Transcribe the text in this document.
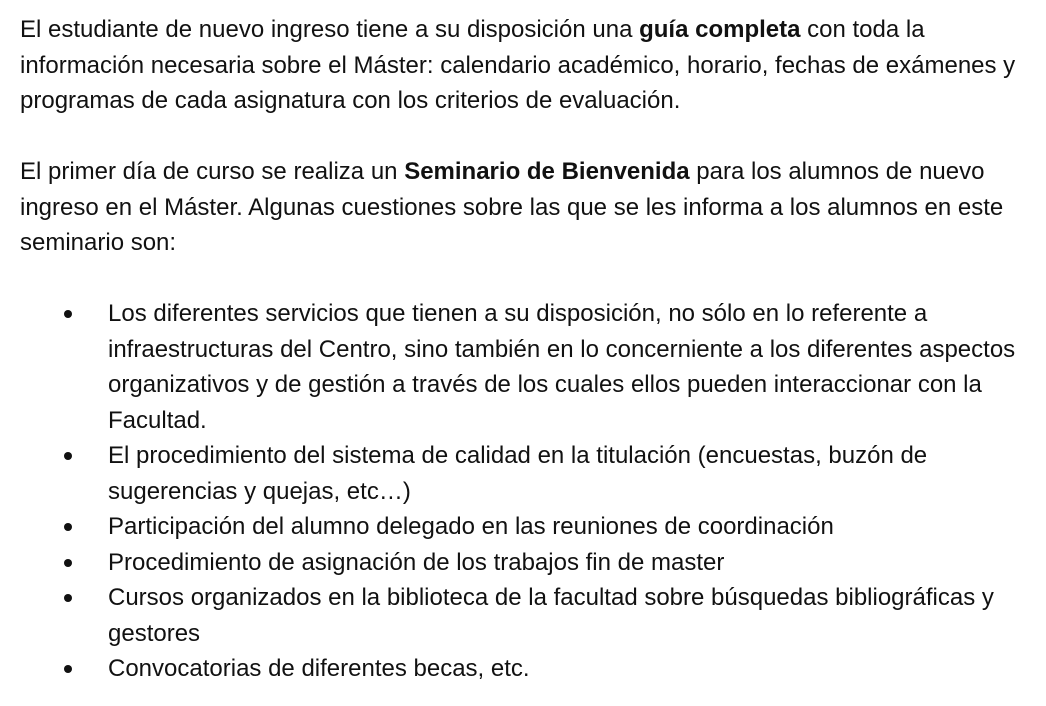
El estudiante de nuevo ingreso tiene a su disposición una guía completa con toda la información necesaria sobre el Máster: calendario académico, horario, fechas de exámenes y programas de cada asignatura con los criterios de evaluación.

El primer día de curso se realiza un Seminario de Bienvenida para los alumnos de nuevo ingreso en el Máster. Algunas cuestiones sobre las que se les informa a los alumnos en este seminario son:

Los diferentes servicios que tienen a su disposición, no sólo en lo referente a infraestructuras del Centro, sino también en lo concerniente a los diferentes aspectos organizativos y de gestión a través de los cuales ellos pueden interaccionar con la Facultad.
El procedimiento del sistema de calidad en la titulación (encuestas, buzón de sugerencias y quejas, etc…)
Participación del alumno delegado en las reuniones de coordinación
Procedimiento de asignación de los trabajos fin de master
Cursos organizados en la biblioteca de la facultad sobre búsquedas bibliográficas y gestores
Convocatorias de diferentes becas, etc.
